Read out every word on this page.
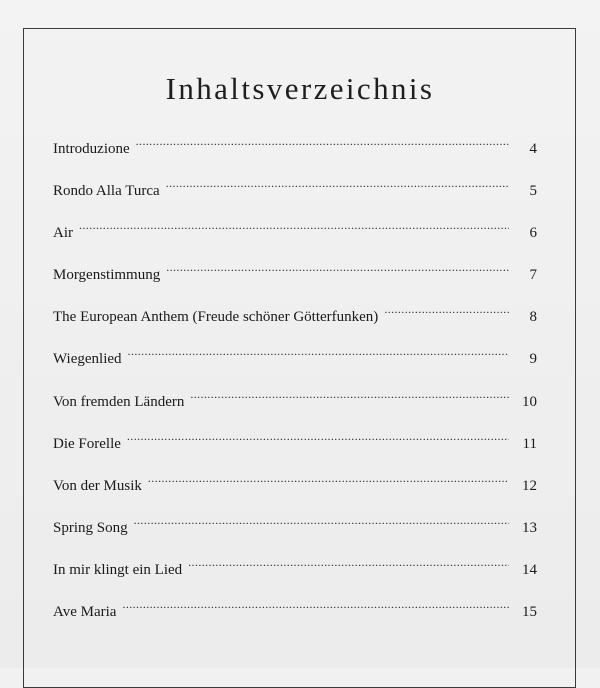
Inhaltsverzeichnis
Introduzione .....	4
Rondo Alla Turca .....	5
Air .....	6
Morgenstimmung .....	7
The European Anthem (Freude schöner Götterfunken) .....	8
Wiegenlied .....	9
Von fremden Ländern .....	10
Die Forelle .....	11
Von der Musik .....	12
Spring Song .....	13
In mir klingt ein Lied .....	14
Ave Maria .....	15
